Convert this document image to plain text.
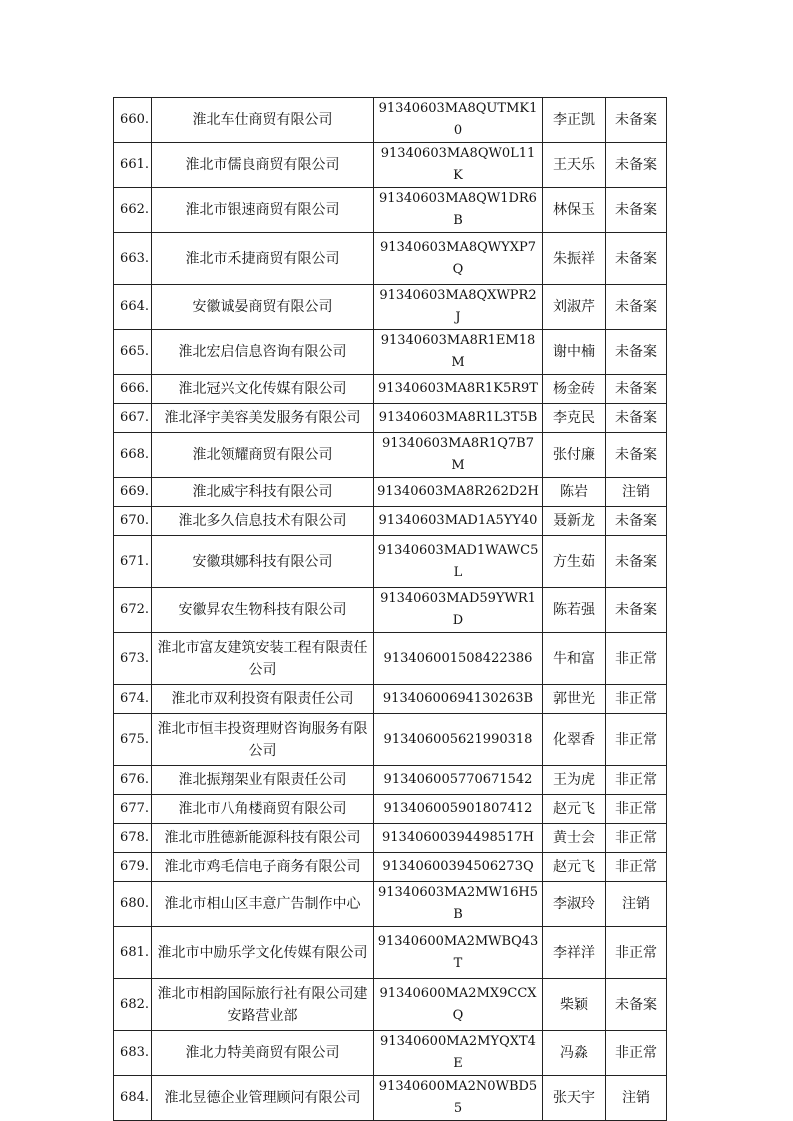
660.	淮北车仕商贸有限公司	91340603MA8QUTMK10	李正凯	未备案
661.	淮北市儒良商贸有限公司	91340603MA8QW0L11K	王天乐	未备案
662.	淮北市银速商贸有限公司	91340603MA8QW1DR6B	林保玉	未备案
663.	淮北市禾捷商贸有限公司	91340603MA8QWYXP7Q	朱振祥	未备案
664.	安徽诚晏商贸有限公司	91340603MA8QXWPR2J	刘淑芹	未备案
665.	淮北宏启信息咨询有限公司	91340603MA8R1EM18M	谢中楠	未备案
666.	淮北冠兴文化传媒有限公司	91340603MA8R1K5R9T	杨金砖	未备案
667.	淮北泽宇美容美发服务有限公司	91340603MA8R1L3T5B	李克民	未备案
668.	淮北领耀商贸有限公司	91340603MA8R1Q7B7M	张付廉	未备案
669.	淮北威宇科技有限公司	91340603MA8R262D2H	陈岩	注销
670.	淮北多久信息技术有限公司	91340603MAD1A5YY40	聂新龙	未备案
671.	安徽琪娜科技有限公司	91340603MAD1WAWC5L	方生茹	未备案
672.	安徽昇农生物科技有限公司	91340603MAD59YWR1D	陈若强	未备案
673.	淮北市富友建筑安装工程有限责任公司	913406001508422386	牛和富	非正常
674.	淮北市双利投资有限责任公司	91340600694130263B	郭世光	非正常
675.	淮北市恒丰投资理财咨询服务有限公司	913406005621990318	化翠香	非正常
676.	淮北振翔架业有限责任公司	913406005770671542	王为虎	非正常
677.	淮北市八角楼商贸有限公司	913406005901807412	赵元飞	非正常
678.	淮北市胜德新能源科技有限公司	91340600394498517H	黄士会	非正常
679.	淮北市鸡毛信电子商务有限公司	91340600394506273Q	赵元飞	非正常
680.	淮北市相山区丰意广告制作中心	91340603MA2MW16H5B	李淑玲	注销
681.	淮北市中励乐学文化传媒有限公司	91340600MA2MWBQ43T	李祥洋	非正常
682.	淮北市相韵国际旅行社有限公司建安路营业部	91340600MA2MX9CCXQ	柴颖	未备案
683.	淮北力特美商贸有限公司	91340600MA2MYQXT4E	冯淼	非正常
684.	淮北昱德企业管理顾问有限公司	91340600MA2N0WBD55	张天宇	注销
